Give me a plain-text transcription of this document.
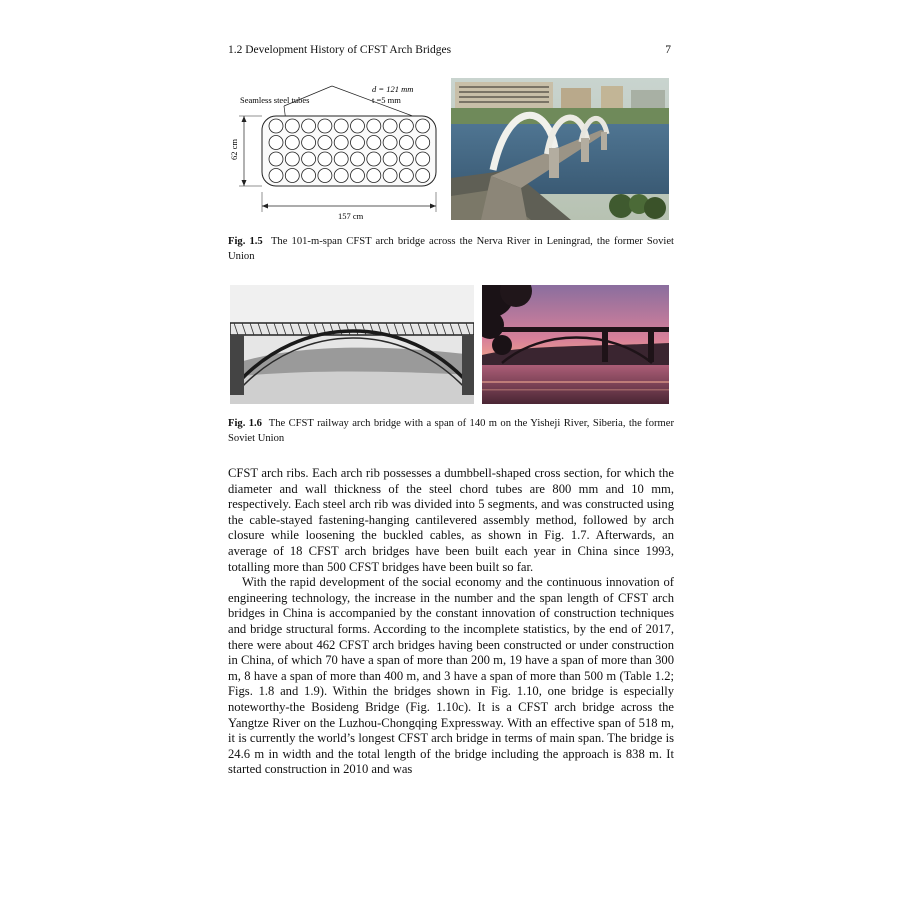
1.2 Development History of CFST Arch Bridges	7
Seamless steel tubes
d = 121 mm
t =5 mm
62 cm
157 cm
Fig. 1.5 The 101-m-span CFST arch bridge across the Nerva River in Leningrad, the former Soviet Union
Fig. 1.6 The CFST railway arch bridge with a span of 140 m on the Yisheji River, Siberia, the former Soviet Union

CFST arch ribs. Each arch rib possesses a dumbbell-shaped cross section, for which the diameter and wall thickness of the steel chord tubes are 800 mm and 10 mm, respectively. Each steel arch rib was divided into 5 segments, and was constructed using the cable-stayed fastening-hanging cantilevered assembly method, followed by arch closure while loosening the buckled cables, as shown in Fig. 1.7. Afterwards, an average of 18 CFST arch bridges have been built each year in China since 1993, totalling more than 500 CFST bridges have been built so far.

With the rapid development of the social economy and the continuous innovation of engineering technology, the increase in the number and the span length of CFST arch bridges in China is accompanied by the constant innovation of construction techniques and bridge structural forms. According to the incomplete statistics, by the end of 2017, there were about 462 CFST arch bridges having been constructed or under construction in China, of which 70 have a span of more than 200 m, 19 have a span of more than 300 m, 8 have a span of more than 400 m, and 3 have a span of more than 500 m (Table 1.2; Figs. 1.8 and 1.9). Within the bridges shown in Fig. 1.10, one bridge is especially noteworthy-the Bosideng Bridge (Fig. 1.10c). It is a CFST arch bridge across the Yangtze River on the Luzhou-Chongqing Expressway. With an effective span of 518 m, it is currently the world’s longest CFST arch bridge in terms of main span. The bridge is 24.6 m in width and the total length of the bridge including the approach is 838 m. It started construction in 2010 and was
